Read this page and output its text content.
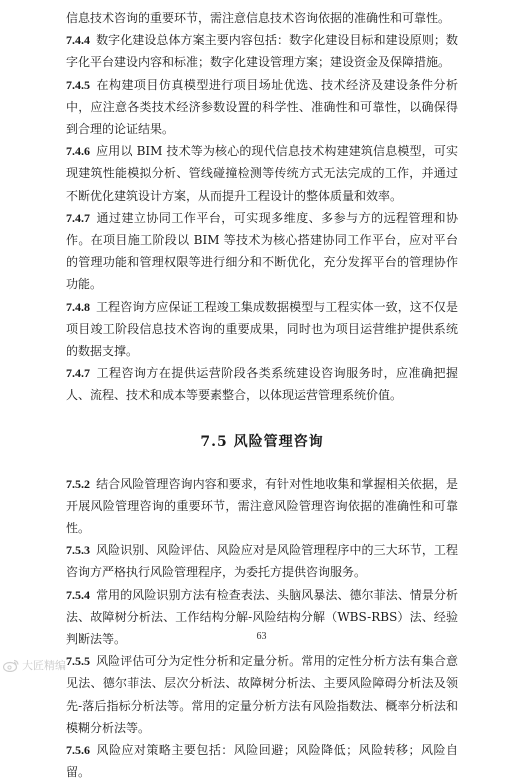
信息技术咨询的重要环节，需注意信息技术咨询依据的准确性和可靠性。

7.4.4 数字化建设总体方案主要内容包括：数字化建设目标和建设原则；数字化平台建设内容和标准；数字化建设管理方案；建设资金及保障措施。

7.4.5 在构建项目仿真模型进行项目场址优选、技术经济及建设条件分析中，应注意各类技术经济参数设置的科学性、准确性和可靠性，以确保得到合理的论证结果。

7.4.6 应用以 BIM 技术等为核心的现代信息技术构建建筑信息模型，可实现建筑性能模拟分析、管线碰撞检测等传统方式无法完成的工作，并通过不断优化建筑设计方案，从而提升工程设计的整体质量和效率。

7.4.7 通过建立协同工作平台，可实现多维度、多参与方的远程管理和协作。在项目施工阶段以 BIM 等技术为核心搭建协同工作平台，应对平台的管理功能和管理权限等进行细分和不断优化，充分发挥平台的管理协作功能。

7.4.8 工程咨询方应保证工程竣工集成数据模型与工程实体一致，这不仅是项目竣工阶段信息技术咨询的重要成果，同时也为项目运营维护提供系统的数据支撑。

7.4.7 工程咨询方在提供运营阶段各类系统建设咨询服务时，应准确把握人、流程、技术和成本等要素整合，以体现运营管理系统价值。

7.5 风险管理咨询

7.5.2 结合风险管理咨询内容和要求，有针对性地收集和掌握相关依据，是开展风险管理咨询的重要环节，需注意风险管理咨询依据的准确性和可靠性。

7.5.3 风险识别、风险评估、风险应对是风险管理程序中的三大环节，工程咨询方严格执行风险管理程序，为委托方提供咨询服务。

7.5.4 常用的风险识别方法有检查表法、头脑风暴法、德尔菲法、情景分析法、故障树分析法、工作结构分解-风险结构分解（WBS-RBS）法、经验判断法等。

7.5.5 风险评估可分为定性分析和定量分析。常用的定性分析方法有集合意见法、德尔菲法、层次分析法、故障树分析法、主要风险障碍分析法及领先-落后指标分析法等。常用的定量分析方法有风险指数法、概率分析法和模糊分析法等。

7.5.6 风险应对策略主要包括：风险回避；风险降低；风险转移；风险自留。

63
大匠精编
